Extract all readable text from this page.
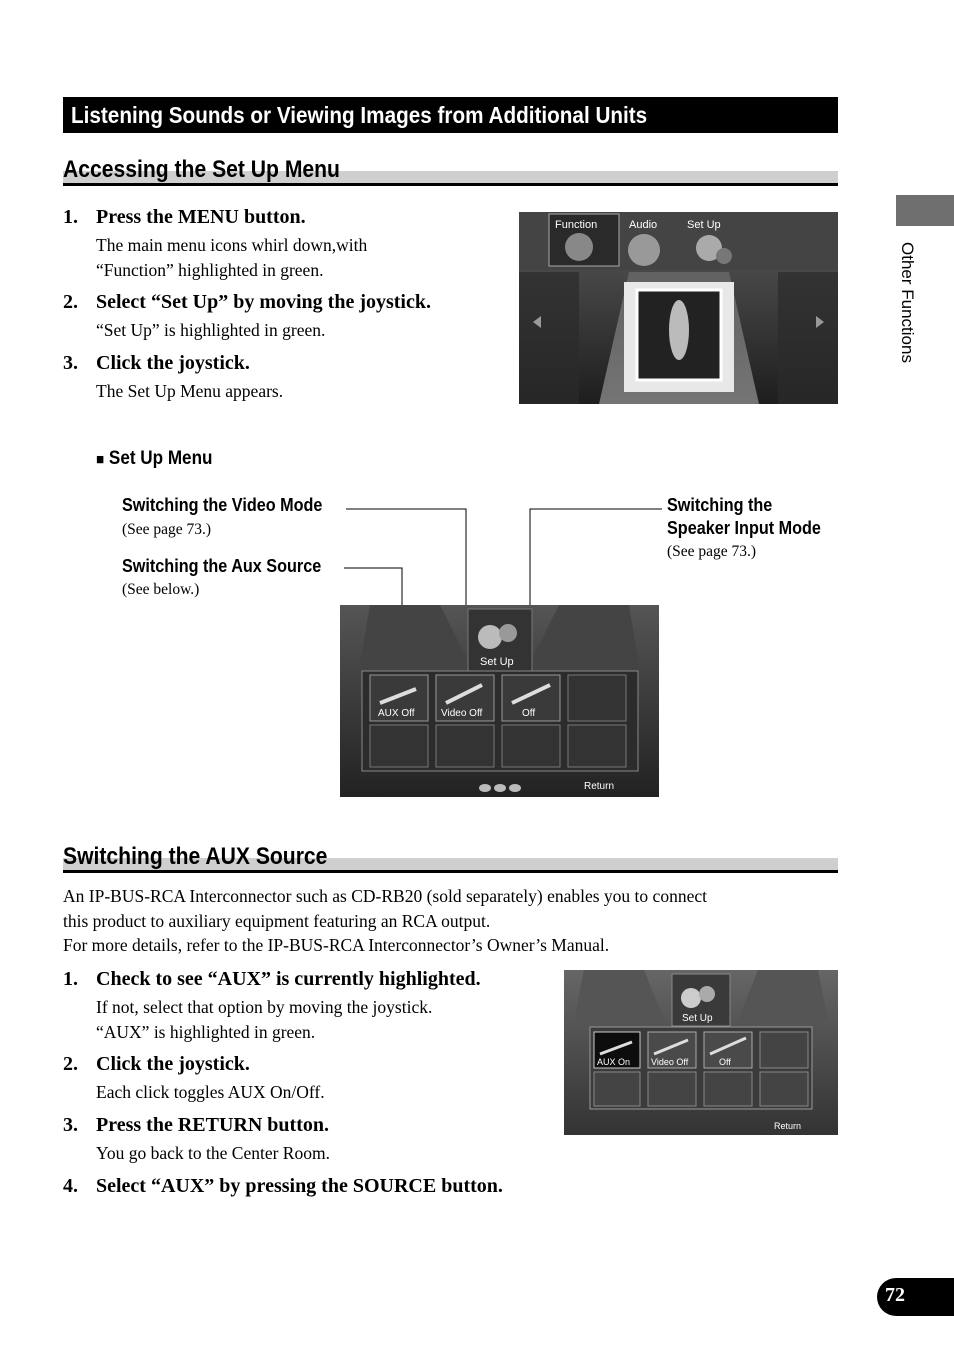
Listening Sounds or Viewing Images from Additional Units
Other Functions
Accessing the Set Up Menu
1. Press the MENU button.
The main menu icons whirl down,with
“Function” highlighted in green.
2. Select “Set Up” by moving the joystick.
“Set Up” is highlighted in green.
3. Click the joystick.
The Set Up Menu appears.
Function	Audio	Set Up
■ Set Up Menu
Switching the Video Mode
(See page 73.)
Switching the Aux Source
(See below.)
Switching the
Speaker Input Mode
(See page 73.)
Set Up
AUX Off	Video Off	Off
Return
Switching the AUX Source
An IP-BUS-RCA Interconnector such as CD-RB20 (sold separately) enables you to connect
this product to auxiliary equipment featuring an RCA output.
For more details, refer to the IP-BUS-RCA Interconnector’s Owner’s Manual.
1. Check to see “AUX” is currently highlighted.
If not, select that option by moving the joystick.
“AUX” is highlighted in green.
2. Click the joystick.
Each click toggles AUX On/Off.
3. Press the RETURN button.
You go back to the Center Room.
4. Select “AUX” by pressing the SOURCE button.
Set Up
AUX On Video Off	Off
Return
72
